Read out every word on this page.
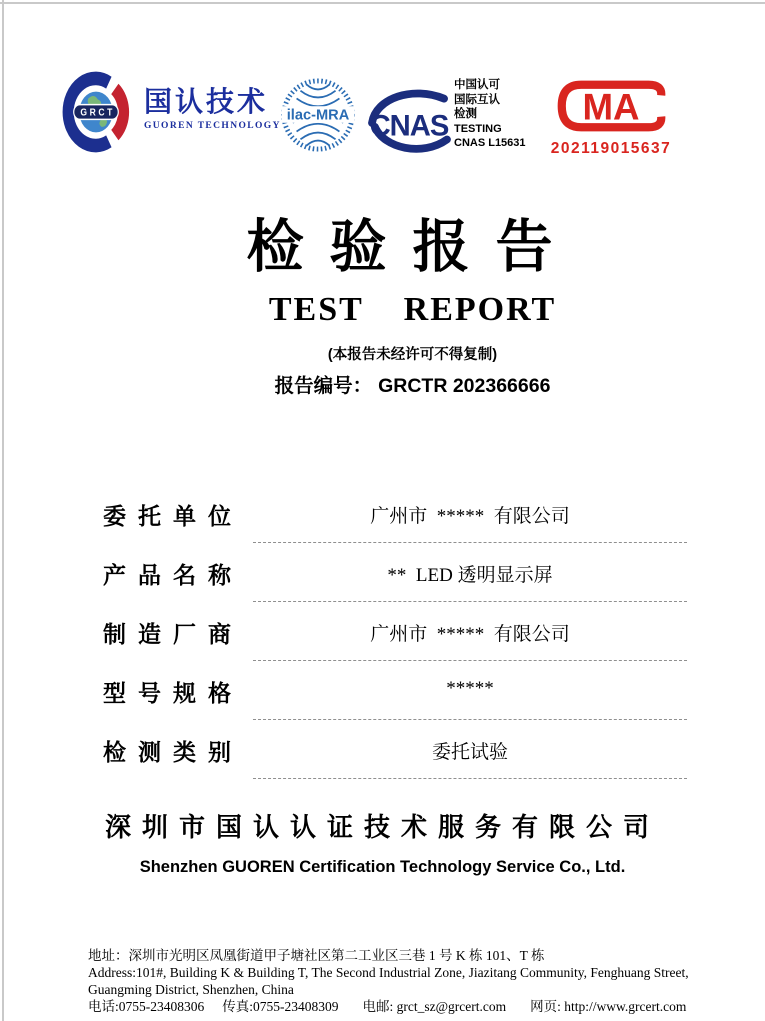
GRCT 国认技术
GUOREN TECHNOLOGY
ilac-MRA CNAS
中国认可
国际互认
检测
TESTING
CNAS L15631
MA
202119015637
检验报告
TEST REPORT
(本报告未经许可不得复制)
报告编号： GRCTR 202366666
委托单位	广州市  *****  有限公司
产品名称	**  LED 透明显示屏
制造厂商	广州市  *****  有限公司
型号规格	*****
检测类别	委托试验
深圳市国认认证技术服务有限公司
Shenzhen GUOREN Certification Technology Service Co., Ltd.
地址：深圳市光明区凤凰街道甲子塘社区第二工业区三巷 1 号 K 栋 101、T 栋
Address:101#, Building K & Building T, The Second Industrial Zone, Jiazitang Community, Fenghuang Street, Guangming District, Shenzhen, China
电话:0755-23408306 传真:0755-23408309 电邮: grct_sz@grcert.com 网页: http://www.grcert.com
